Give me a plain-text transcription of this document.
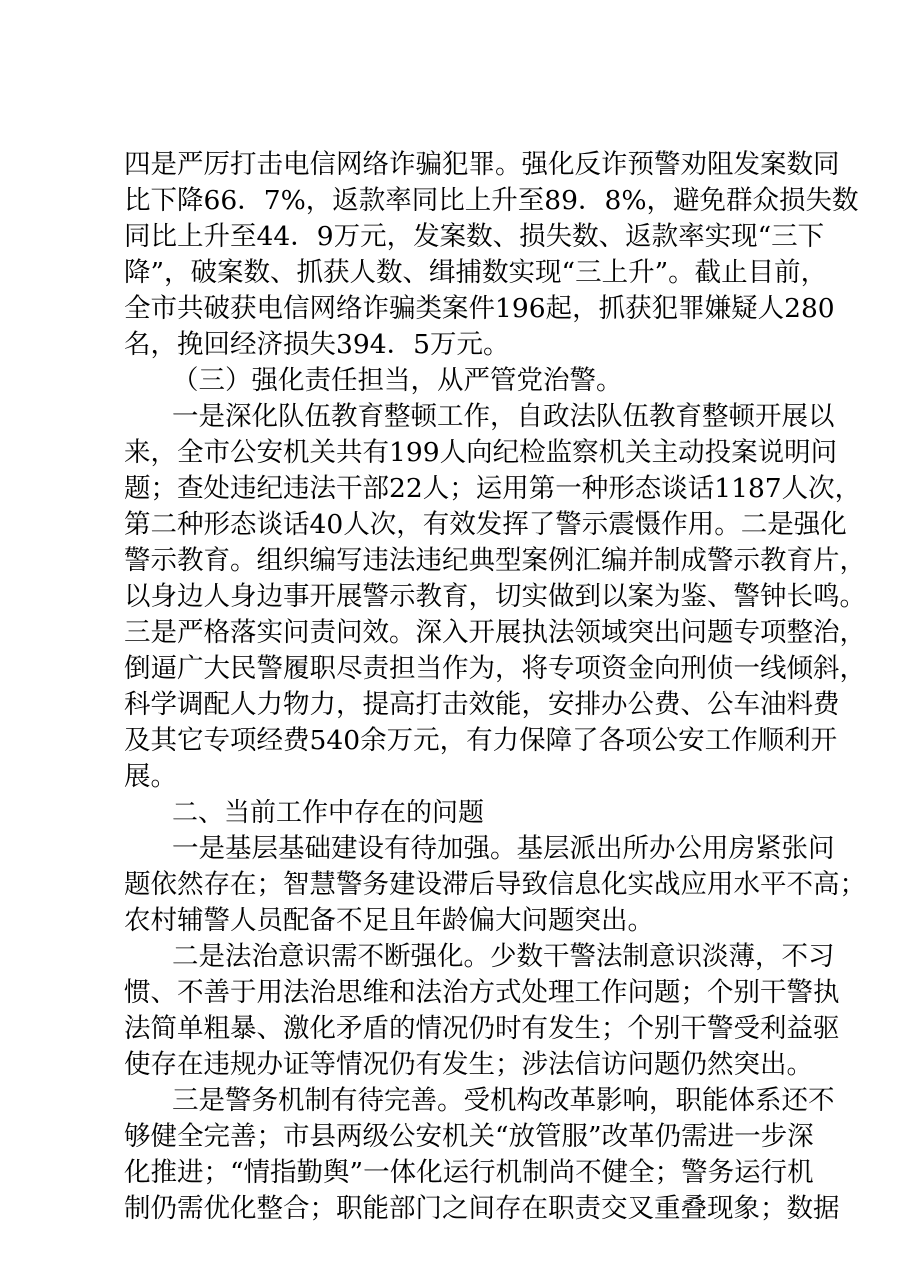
四是严厉打击电信网络诈骗犯罪。强化反诈预警劝阻发案数同
比下降66．7%，返款率同比上升至89．8%，避免群众损失数
同比上升至44．9万元，发案数、损失数、返款率实现“三下
降”，破案数、抓获人数、缉捕数实现“三上升”。截止目前，
全市共破获电信网络诈骗类案件196起，抓获犯罪嫌疑人280
名，挽回经济损失394．5万元。
（三）强化责任担当，从严管党治警。
一是深化队伍教育整顿工作，自政法队伍教育整顿开展以
来，全市公安机关共有199人向纪检监察机关主动投案说明问
题；查处违纪违法干部22人；运用第一种形态谈话1187人次，
第二种形态谈话40人次，有效发挥了警示震慑作用。二是强化
警示教育。组织编写违法违纪典型案例汇编并制成警示教育片，
以身边人身边事开展警示教育，切实做到以案为鉴、警钟长鸣。
三是严格落实问责问效。深入开展执法领域突出问题专项整治，
倒逼广大民警履职尽责担当作为，将专项资金向刑侦一线倾斜，
科学调配人力物力，提高打击效能，安排办公费、公车油料费
及其它专项经费540余万元，有力保障了各项公安工作顺利开
展。
二、当前工作中存在的问题
一是基层基础建设有待加强。基层派出所办公用房紧张问
题依然存在；智慧警务建设滞后导致信息化实战应用水平不高；
农村辅警人员配备不足且年龄偏大问题突出。
二是法治意识需不断强化。少数干警法制意识淡薄，不习
惯、不善于用法治思维和法治方式处理工作问题；个别干警执
法简单粗暴、激化矛盾的情况仍时有发生；个别干警受利益驱
使存在违规办证等情况仍有发生；涉法信访问题仍然突出。
三是警务机制有待完善。受机构改革影响，职能体系还不
够健全完善；市县两级公安机关“放管服”改革仍需进一步深
化推进；“情指勤舆”一体化运行机制尚不健全；警务运行机
制仍需优化整合；职能部门之间存在职责交叉重叠现象；数据
